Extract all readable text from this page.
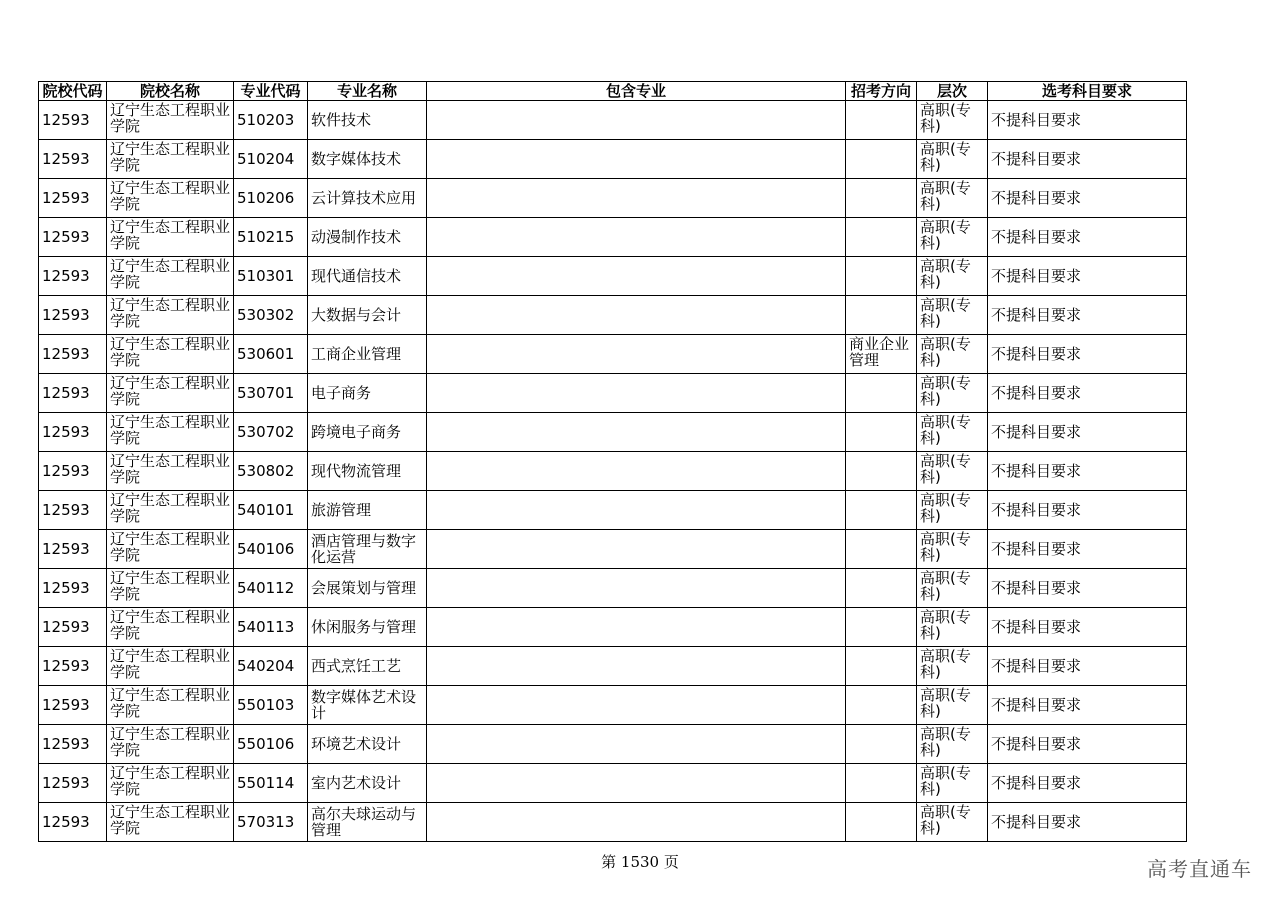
院校代码	院校名称	专业代码	专业名称	包含专业	招考方向	层次	选考科目要求
12593	辽宁生态工程职业学院	510203	软件技术			高职(专科)	不提科目要求
12593	辽宁生态工程职业学院	510204	数字媒体技术			高职(专科)	不提科目要求
12593	辽宁生态工程职业学院	510206	云计算技术应用			高职(专科)	不提科目要求
12593	辽宁生态工程职业学院	510215	动漫制作技术			高职(专科)	不提科目要求
12593	辽宁生态工程职业学院	510301	现代通信技术			高职(专科)	不提科目要求
12593	辽宁生态工程职业学院	530302	大数据与会计			高职(专科)	不提科目要求
12593	辽宁生态工程职业学院	530601	工商企业管理		商业企业管理	高职(专科)	不提科目要求
12593	辽宁生态工程职业学院	530701	电子商务			高职(专科)	不提科目要求
12593	辽宁生态工程职业学院	530702	跨境电子商务			高职(专科)	不提科目要求
12593	辽宁生态工程职业学院	530802	现代物流管理			高职(专科)	不提科目要求
12593	辽宁生态工程职业学院	540101	旅游管理			高职(专科)	不提科目要求
12593	辽宁生态工程职业学院	540106	酒店管理与数字化运营			高职(专科)	不提科目要求
12593	辽宁生态工程职业学院	540112	会展策划与管理			高职(专科)	不提科目要求
12593	辽宁生态工程职业学院	540113	休闲服务与管理			高职(专科)	不提科目要求
12593	辽宁生态工程职业学院	540204	西式烹饪工艺			高职(专科)	不提科目要求
12593	辽宁生态工程职业学院	550103	数字媒体艺术设计			高职(专科)	不提科目要求
12593	辽宁生态工程职业学院	550106	环境艺术设计			高职(专科)	不提科目要求
12593	辽宁生态工程职业学院	550114	室内艺术设计			高职(专科)	不提科目要求
12593	辽宁生态工程职业学院	570313	高尔夫球运动与管理			高职(专科)	不提科目要求
第 1530 页	高考直通车
